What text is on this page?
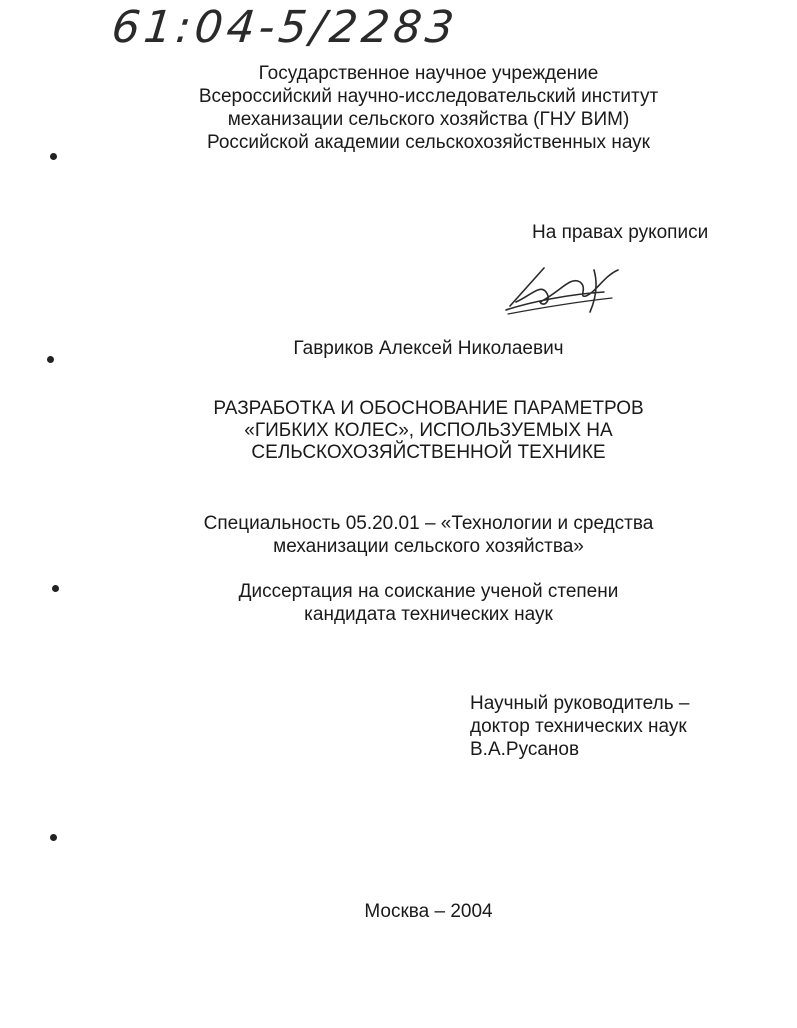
61:04-5/2283
Государственное научное учреждение
Всероссийский научно-исследовательский институт
механизации сельского хозяйства (ГНУ ВИМ)
Российской академии сельскохозяйственных наук
На правах рукописи
Гавриков Алексей Николаевич
РАЗРАБОТКА И ОБОСНОВАНИЕ ПАРАМЕТРОВ
«ГИБКИХ КОЛЕС», ИСПОЛЬЗУЕМЫХ НА
СЕЛЬСКОХОЗЯЙСТВЕННОЙ ТЕХНИКЕ
Специальность 05.20.01 – «Технологии и средства
механизации сельского хозяйства»
Диссертация на соискание ученой степени
кандидата технических наук
Научный руководитель –
доктор технических наук
В.А.Русанов
Москва – 2004
